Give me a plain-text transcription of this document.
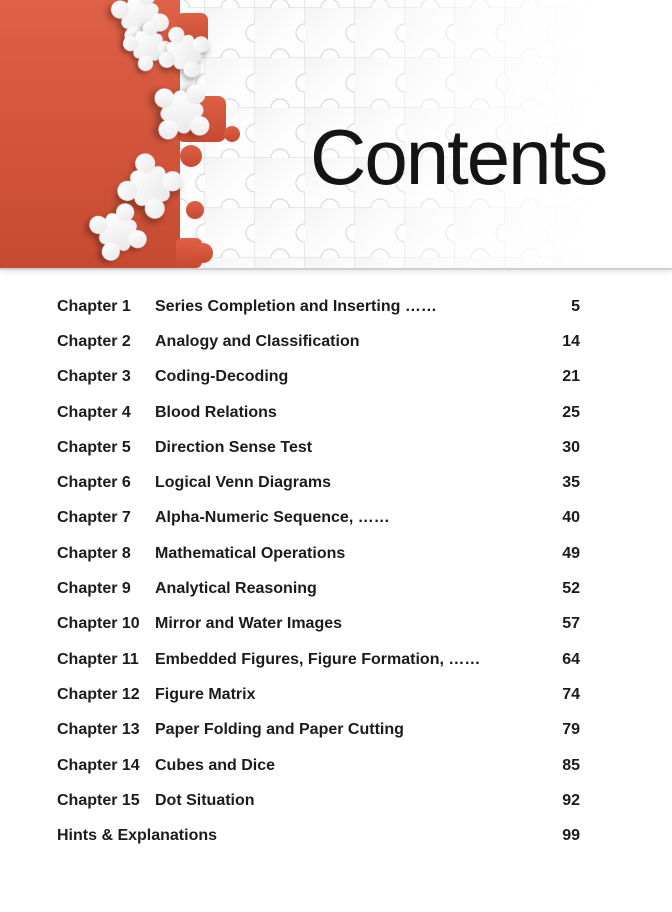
Contents
Chapter 1	Series Completion and Inserting ……	5
Chapter 2	Analogy and Classification	14
Chapter 3	Coding-Decoding	21
Chapter 4	Blood Relations	25
Chapter 5	Direction Sense Test	30
Chapter 6	Logical Venn Diagrams	35
Chapter 7	Alpha-Numeric Sequence, ……	40
Chapter 8	Mathematical Operations	49
Chapter 9	Analytical Reasoning	52
Chapter 10 Mirror and Water Images	57
Chapter 11	Embedded Figures, Figure Formation, ……	64
Chapter 12 Figure Matrix	74
Chapter 13 Paper Folding and Paper Cutting	79
Chapter 14 Cubes and Dice	85
Chapter 15 Dot Situation	92
Hints & Explanations	99
